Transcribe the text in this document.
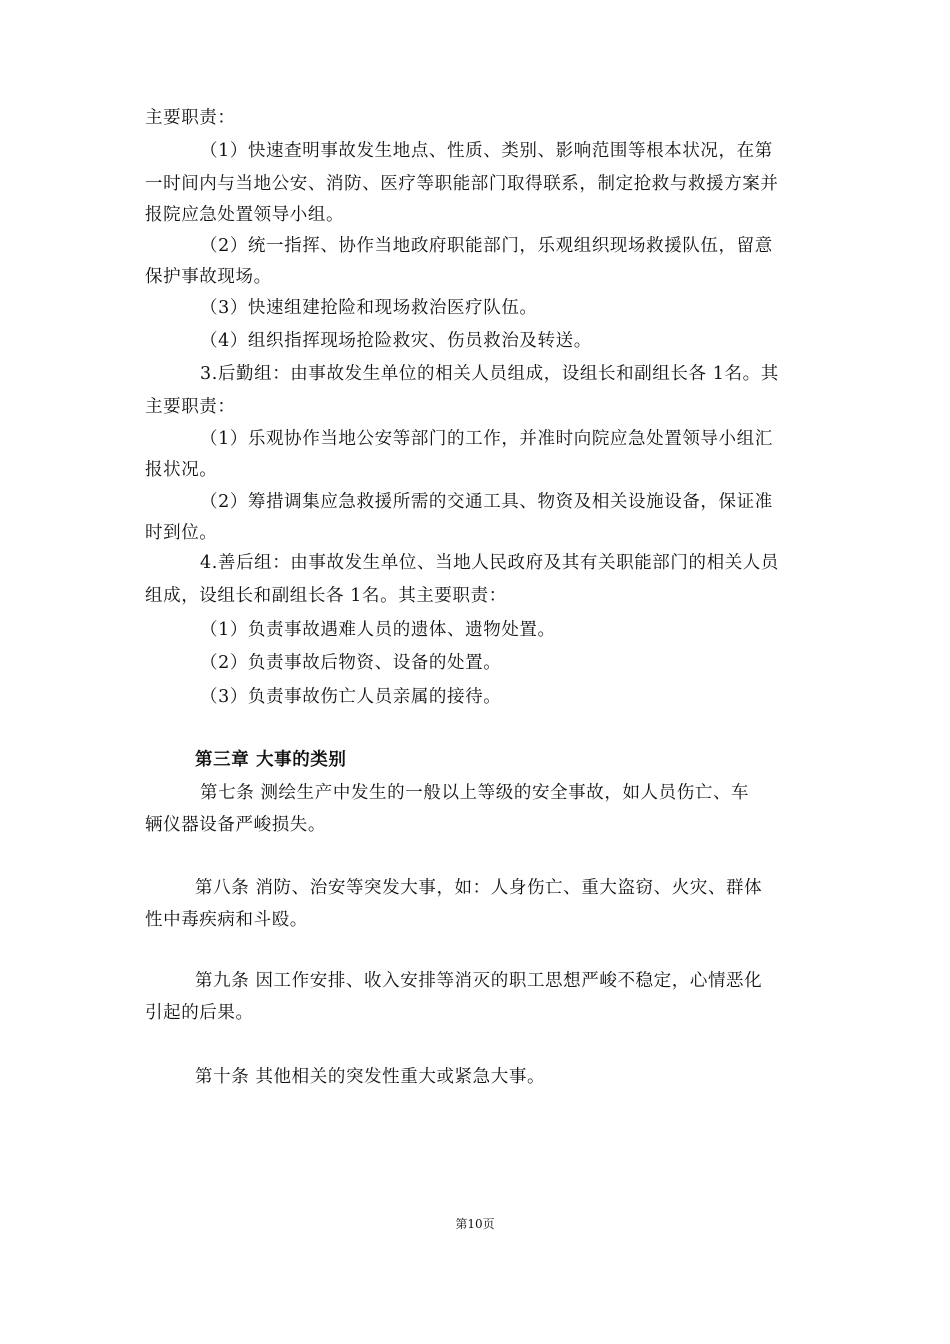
主要职责：

（1）快速查明事故发生地点、性质、类别、影响范围等根本状况，在第

一时间内与当地公安、消防、医疗等职能部门取得联系，制定抢救与救援方案并

报院应急处置领导小组。

（2）统一指挥、协作当地政府职能部门，乐观组织现场救援队伍，留意

保护事故现场。

（3）快速组建抢险和现场救治医疗队伍。

（4）组织指挥现场抢险救灾、伤员救治及转送。

3.后勤组：由事故发生单位的相关人员组成，设组长和副组长各 1名。其

主要职责：

（1）乐观协作当地公安等部门的工作，并准时向院应急处置领导小组汇

报状况。

（2）筹措调集应急救援所需的交通工具、物资及相关设施设备，保证准

时到位。

4.善后组：由事故发生单位、当地人民政府及其有关职能部门的相关人员

组成，设组长和副组长各 1名。其主要职责：

（1）负责事故遇难人员的遗体、遗物处置。

（2）负责事故后物资、设备的处置。

（3）负责事故伤亡人员亲属的接待。

第三章 大事的类别

第七条 测绘生产中发生的一般以上等级的安全事故，如人员伤亡、车

辆仪器设备严峻损失。

第八条 消防、治安等突发大事，如：人身伤亡、重大盗窃、火灾、群体

性中毒疾病和斗殴。

第九条 因工作安排、收入安排等消灭的职工思想严峻不稳定，心情恶化

引起的后果。

第十条 其他相关的突发性重大或紧急大事。

第10页
